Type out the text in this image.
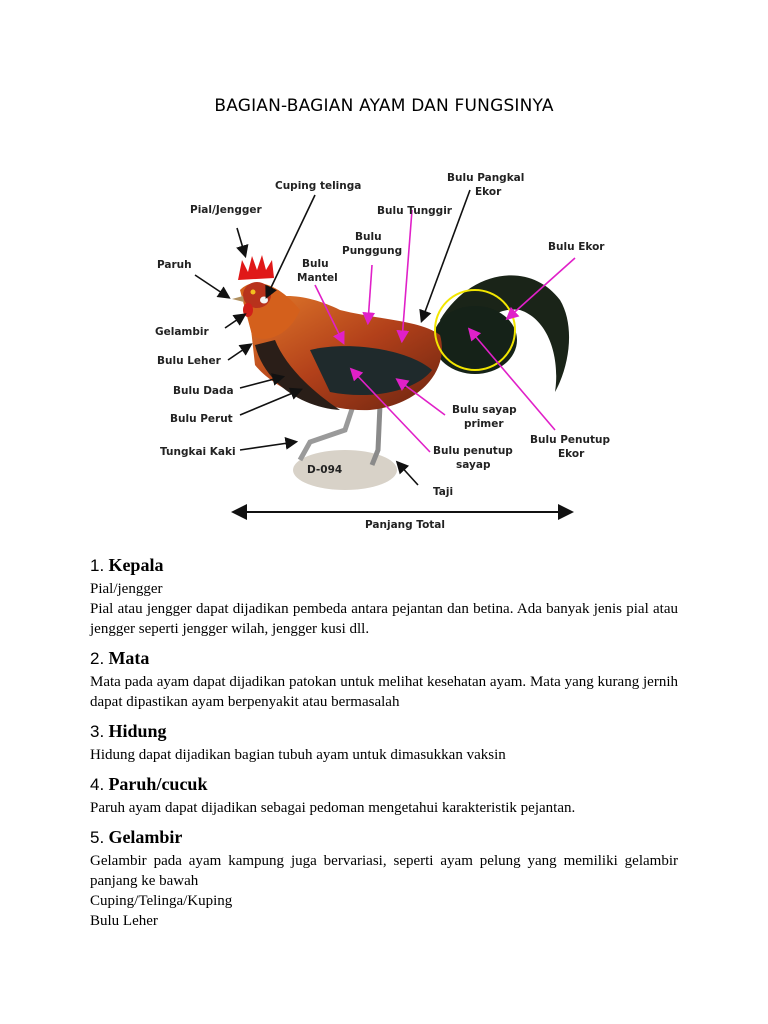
BAGIAN-BAGIAN AYAM DAN FUNGSINYA
Cuping telinga
Pial/Jengger
Paruh
Gelambir
Bulu Leher
Bulu Dada
Bulu Perut
Tungkai Kaki
Bulu
Mantel
Bulu
Punggung
Bulu Tunggir
Bulu Pangkal
Ekor
Bulu Ekor
Bulu sayap
primer
Bulu penutup
sayap
Bulu Penutup
Ekor
Taji
Panjang Total
D-094
1. Kepala

Pial/jengger

Pial atau jengger dapat dijadikan pembeda antara pejantan dan betina. Ada banyak jenis pial atau jengger seperti jengger wilah, jengger kusi dll.

2. Mata

Mata pada ayam dapat dijadikan patokan untuk melihat kesehatan ayam. Mata yang kurang jernih dapat dipastikan ayam berpenyakit atau bermasalah

3. Hidung

Hidung dapat dijadikan bagian tubuh ayam untuk dimasukkan vaksin

4. Paruh/cucuk

Paruh ayam dapat dijadikan sebagai pedoman mengetahui karakteristik pejantan.

5. Gelambir

Gelambir pada ayam kampung juga bervariasi, seperti ayam pelung yang memiliki gelambir panjang ke bawah

Cuping/Telinga/Kuping

Bulu Leher
